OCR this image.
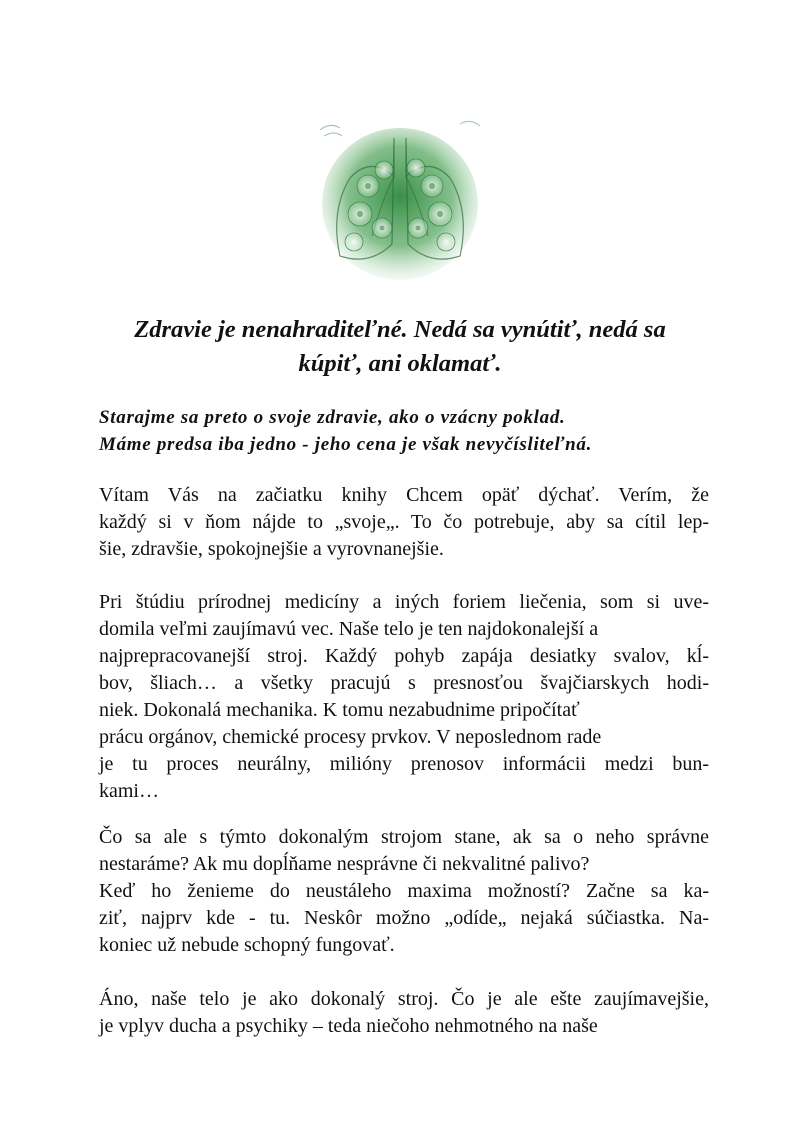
Zdravie je nenahraditeľné. Nedá sa vynútiť, nedá sa
kúpiť, ani oklamať.
Starajme sa preto o svoje zdravie, ako o vzácny poklad.
Máme predsa iba jedno - jeho cena je však nevyčísliteľná.
Vítam Vás na začiatku knihy Chcem opäť dýchať. Verím, že
každý si v ňom nájde to „svoje„. To čo potrebuje, aby sa cítil lep-
šie, zdravšie, spokojnejšie a vyrovnanejšie.
Pri štúdiu prírodnej medicíny a iných foriem liečenia, som si uve-
domila veľmi zaujímavú vec. Naše telo je ten najdokonalejší a
najprepracovanejší stroj. Každý pohyb zapája desiatky svalov, kĺ-
bov, šliach… a všetky pracujú s presnosťou švajčiarskych hodi-
niek. Dokonalá mechanika. K tomu nezabudnime pripočítať
prácu orgánov, chemické procesy prvkov. V neposlednom rade
je tu proces neurálny, milióny prenosov informácii medzi bun-
kami…
Čo sa ale s týmto dokonalým strojom stane, ak sa o neho správne
nestaráme? Ak mu dopĺňame nesprávne či nekvalitné palivo?
Keď ho ženieme do neustáleho maxima možností? Začne sa ka-
ziť, najprv kde - tu. Neskôr možno „odíde„ nejaká súčiastka. Na-
koniec už nebude schopný fungovať.
Áno, naše telo je ako dokonalý stroj. Čo je ale ešte zaujímavejšie,
je vplyv ducha a psychiky – teda niečoho nehmotného na naše
